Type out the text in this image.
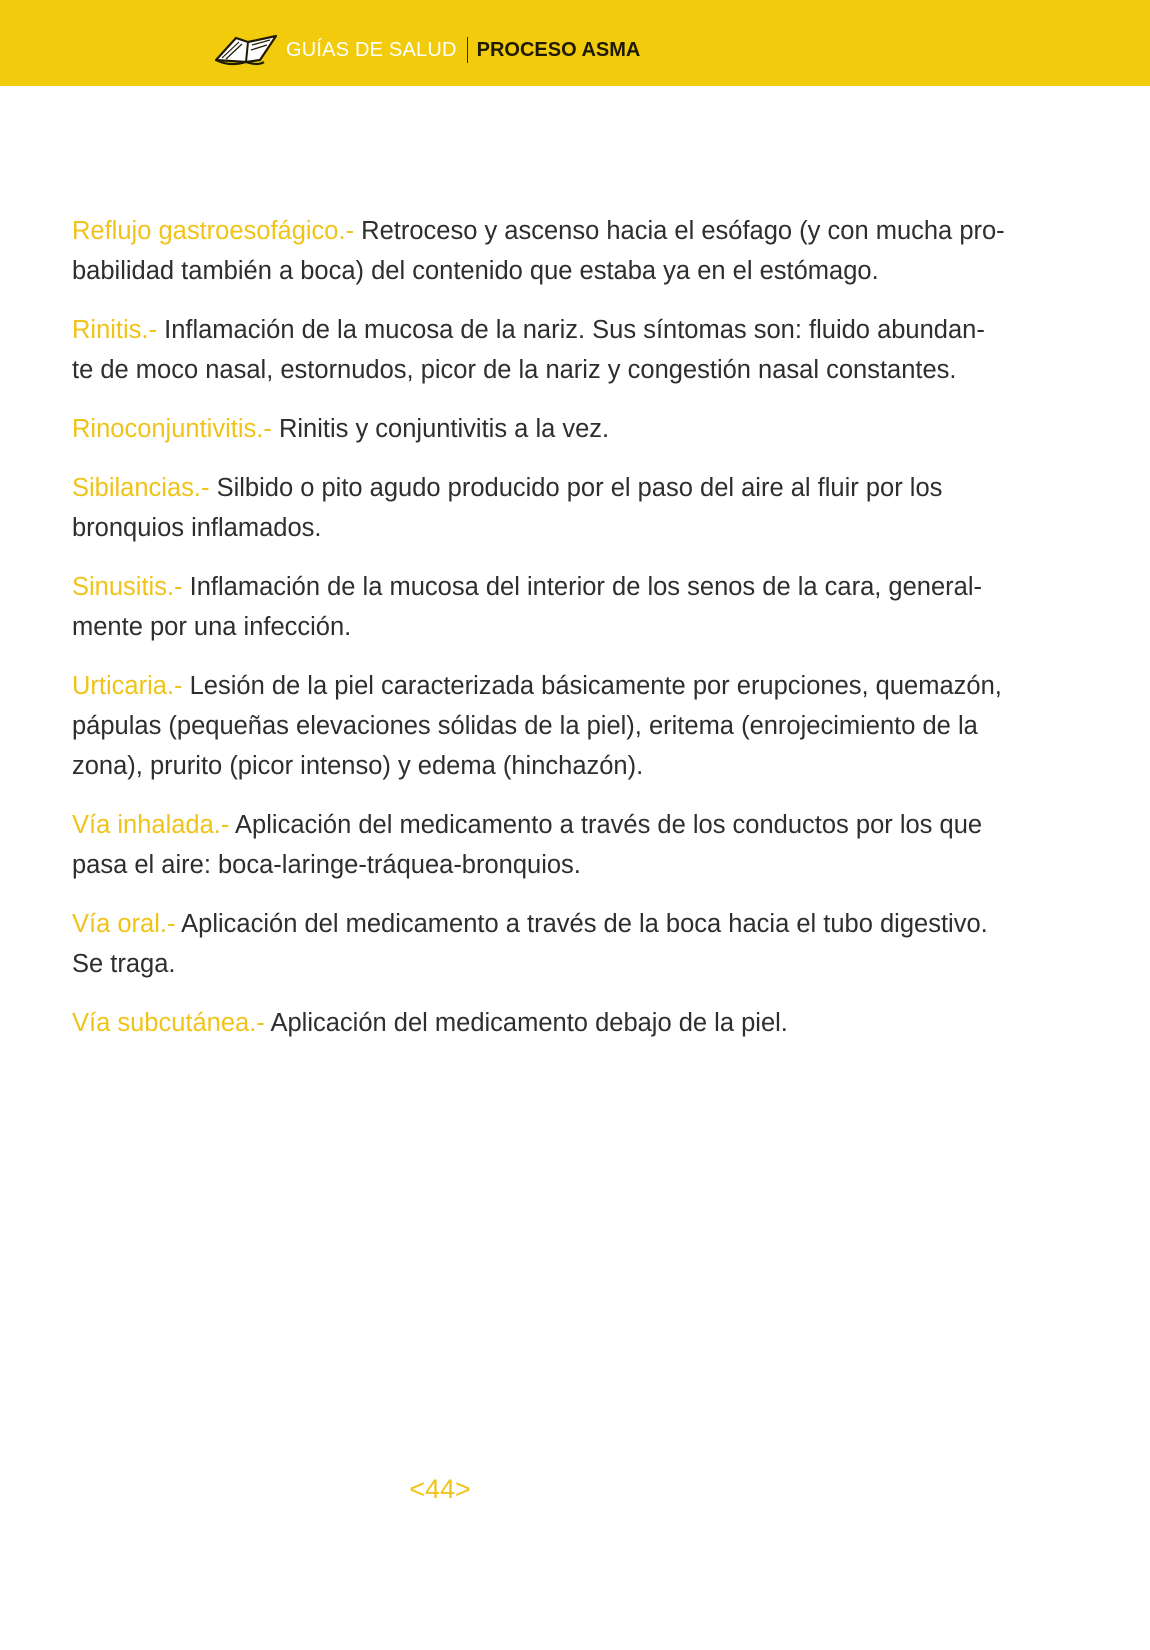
GUÍAS DE SALUD PROCESO ASMA

Reflujo gastroesofágico.- Retroceso y ascenso hacia el esófago (y con mucha pro-
babilidad también a boca) del contenido que estaba ya en el estómago.

Rinitis.- Inflamación de la mucosa de la nariz. Sus síntomas son: fluido abundan-
te de moco nasal, estornudos, picor de la nariz y congestión nasal constantes.

Rinoconjuntivitis.- Rinitis y conjuntivitis a la vez.

Sibilancias.- Silbido o pito agudo producido por el paso del aire al fluir por los
bronquios inflamados.

Sinusitis.- Inflamación de la mucosa del interior de los senos de la cara, general-
mente por una infección.

Urticaria.- Lesión de la piel caracterizada básicamente por erupciones, quemazón,
pápulas (pequeñas elevaciones sólidas de la piel), eritema (enrojecimiento de la
zona), prurito (picor intenso) y edema (hinchazón).

Vía inhalada.- Aplicación del medicamento a través de los conductos por los que
pasa el aire: boca-laringe-tráquea-bronquios.

Vía oral.- Aplicación del medicamento a través de la boca hacia el tubo digestivo.
Se traga.

Vía subcutánea.- Aplicación del medicamento debajo de la piel.

<44>
